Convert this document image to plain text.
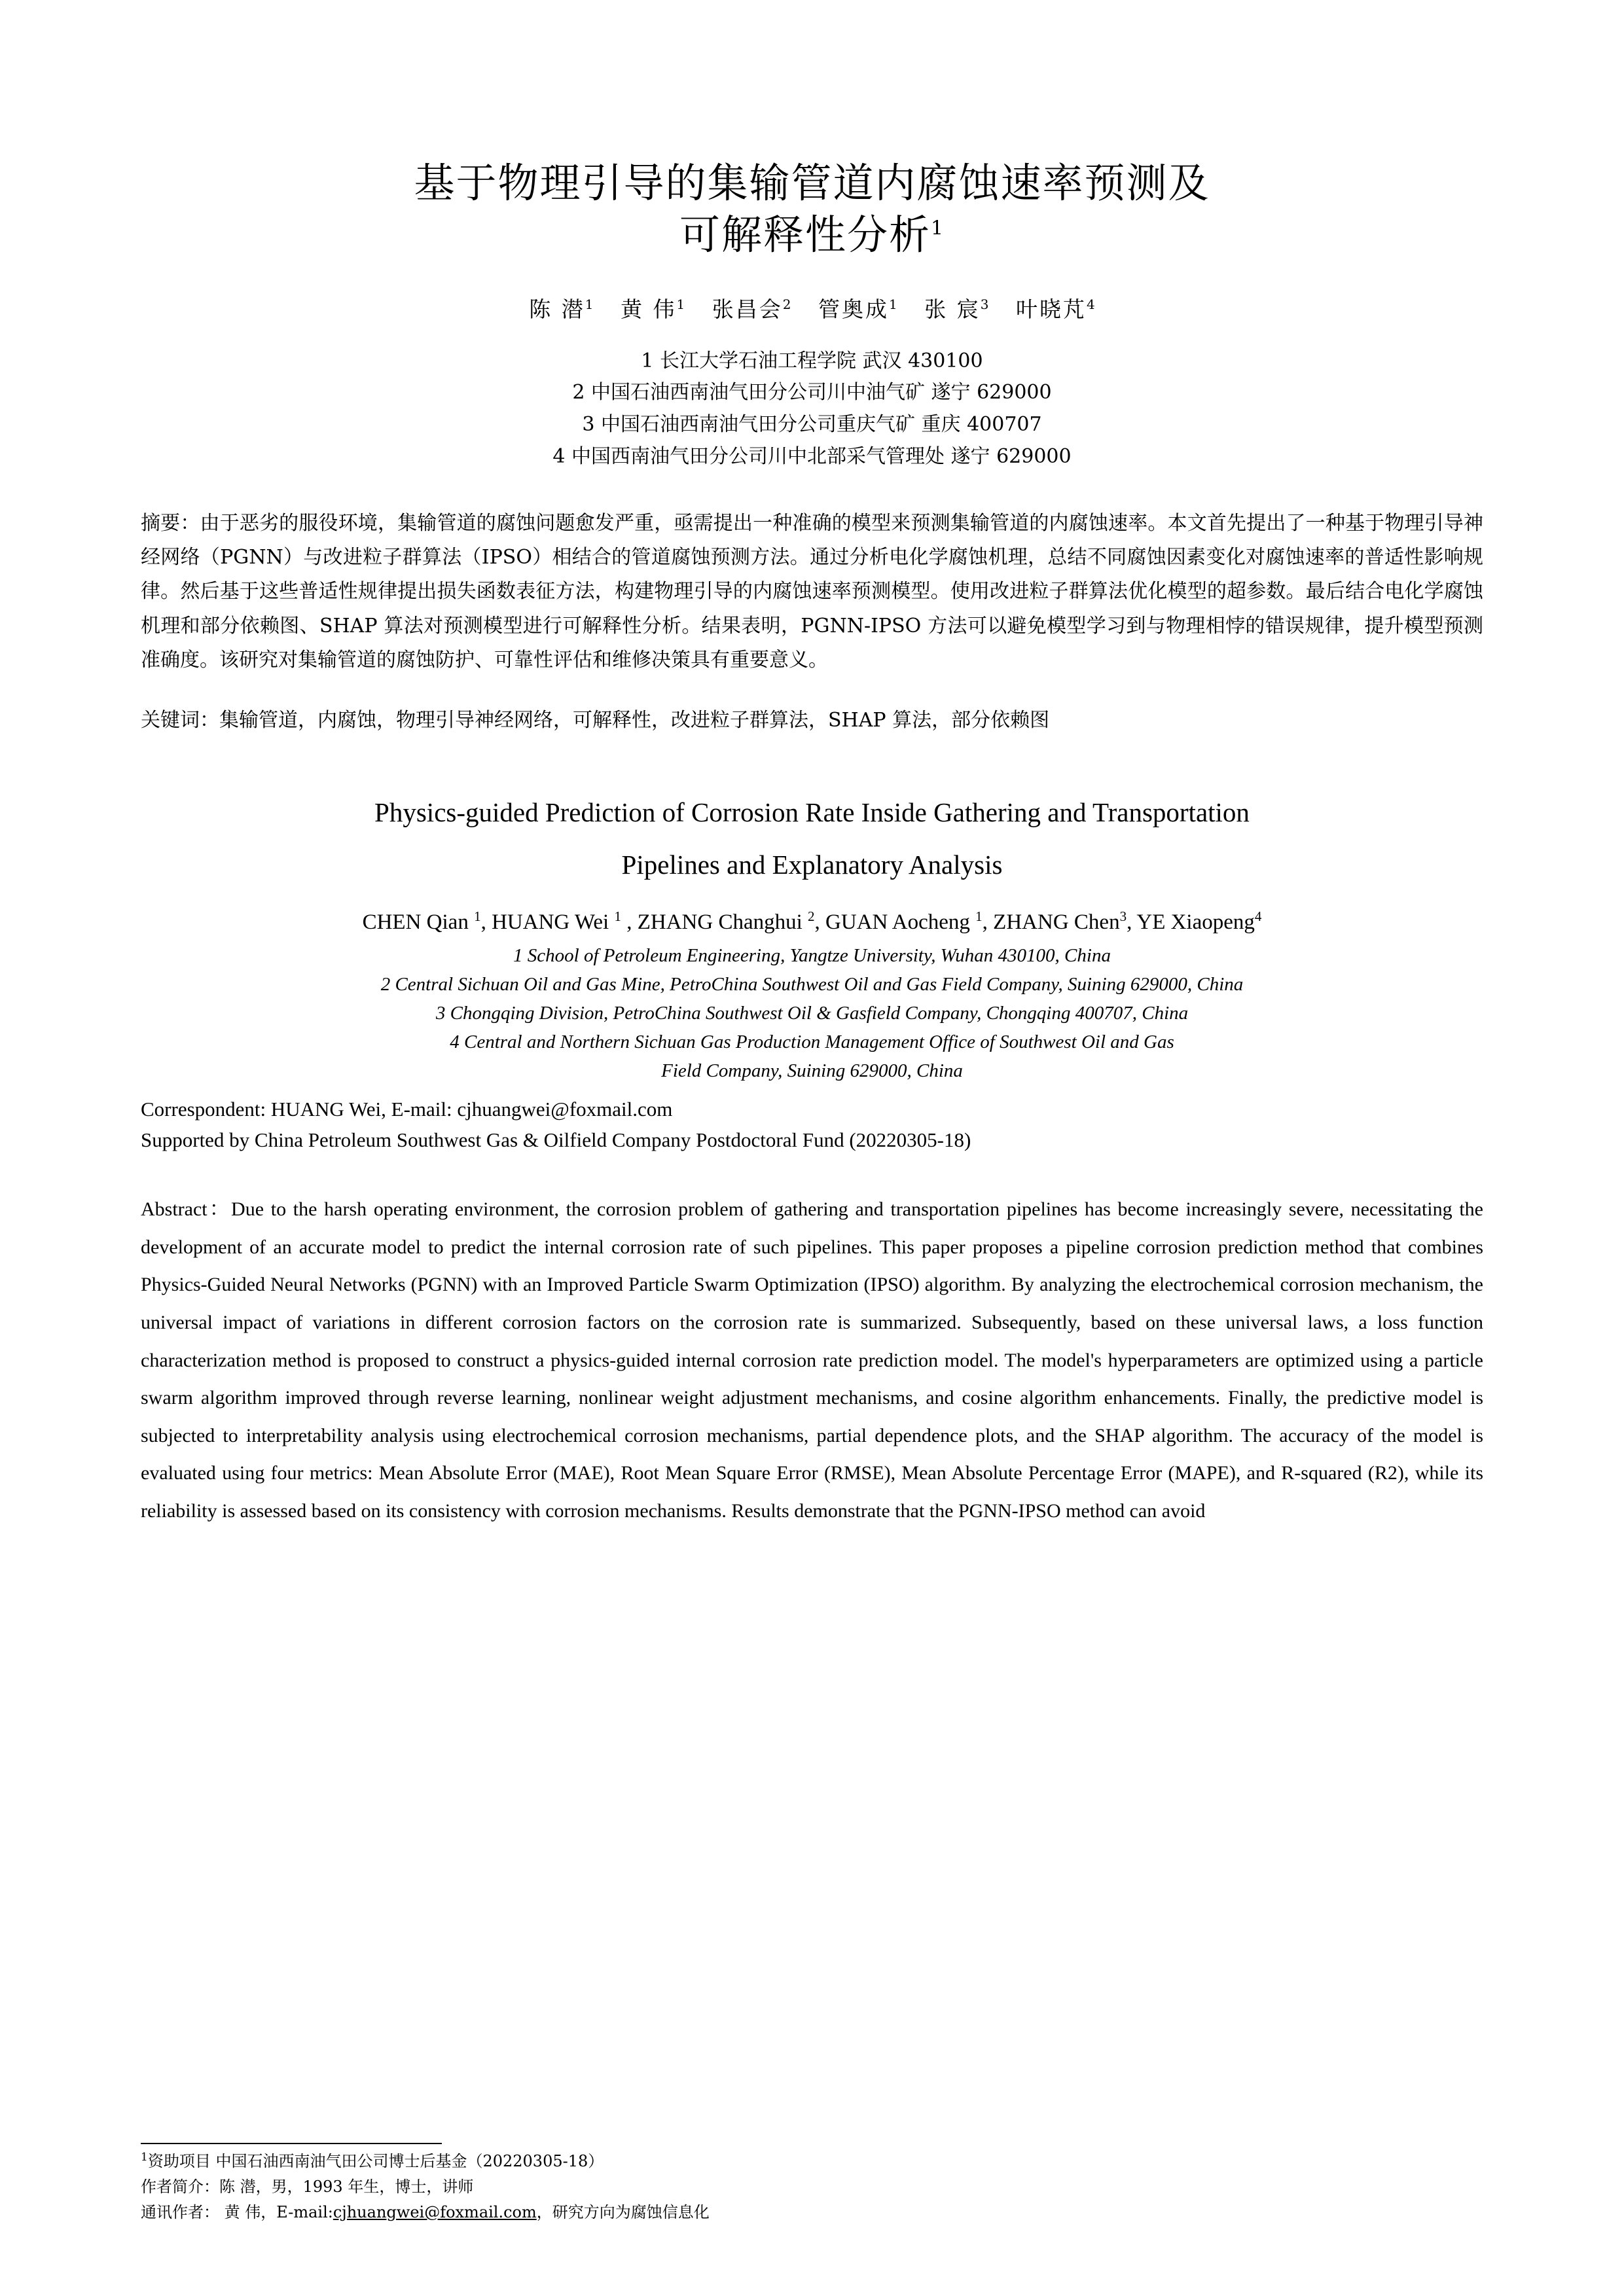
基于物理引导的集输管道内腐蚀速率预测及
可解释性分析$^1$
陈 潜$^1$ 黄 伟$^1$ 张昌会$^2$ 管奥成$^1$ 张 宸$^3$ 叶晓芃$^4$
1 长江大学石油工程学院 武汉 430100
2 中国石油西南油气田分公司川中油气矿 遂宁 629000
3 中国石油西南油气田分公司重庆气矿 重庆 400707
4 中国西南油气田分公司川中北部采气管理处 遂宁 629000

摘要：由于恶劣的服役环境，集输管道的腐蚀问题愈发严重，亟需提出一种准确的模型来预测集输管道的内腐蚀速率。本文首先提出了一种基于物理引导神经网络（PGNN）与改进粒子群算法（IPSO）相结合的管道腐蚀预测方法。通过分析电化学腐蚀机理，总结不同腐蚀因素变化对腐蚀速率的普适性影响规律。然后基于这些普适性规律提出损失函数表征方法，构建物理引导的内腐蚀速率预测模型。使用改进粒子群算法优化模型的超参数。最后结合电化学腐蚀机理和部分依赖图、SHAP 算法对预测模型进行可解释性分析。结果表明，PGNN-IPSO 方法可以避免模型学习到与物理相悖的错误规律，提升模型预测准确度。该研究对集输管道的腐蚀防护、可靠性评估和维修决策具有重要意义。

关键词：集输管道，内腐蚀，物理引导神经网络，可解释性，改进粒子群算法，SHAP 算法，部分依赖图

Physics-guided Prediction of Corrosion Rate Inside Gathering and Transportation
Pipelines and Explanatory Analysis
CHEN Qian $^1$, HUANG Wei $^1$ , ZHANG Changhui $^2$, GUAN Aocheng $^1$, ZHANG Chen$^3$, YE Xiaopeng$^4$
1 School of Petroleum Engineering, Yangtze University, Wuhan 430100, China
2 Central Sichuan Oil and Gas Mine, PetroChina Southwest Oil and Gas Field Company, Suining 629000, China
3 Chongqing Division, PetroChina Southwest Oil & Gasfield Company, Chongqing 400707, China
4 Central and Northern Sichuan Gas Production Management Office of Southwest Oil and Gas
Field Company, Suining 629000, China
Correspondent: HUANG Wei, E-mail: cjhuangwei@foxmail.com
Supported by China Petroleum Southwest Gas & Oilfield Company Postdoctoral Fund (20220305-18)

Abstract：Due to the harsh operating environment, the corrosion problem of gathering and transportation pipelines has become increasingly severe, necessitating the development of an accurate model to predict the internal corrosion rate of such pipelines. This paper proposes a pipeline corrosion prediction method that combines Physics-Guided Neural Networks (PGNN) with an Improved Particle Swarm Optimization (IPSO) algorithm. By analyzing the electrochemical corrosion mechanism, the universal impact of variations in different corrosion factors on the corrosion rate is summarized. Subsequently, based on these universal laws, a loss function characterization method is proposed to construct a physics-guided internal corrosion rate prediction model. The model's hyperparameters are optimized using a particle swarm algorithm improved through reverse learning, nonlinear weight adjustment mechanisms, and cosine algorithm enhancements. Finally, the predictive model is subjected to interpretability analysis using electrochemical corrosion mechanisms, partial dependence plots, and the SHAP algorithm. The accuracy of the model is evaluated using four metrics: Mean Absolute Error (MAE), Root Mean Square Error (RMSE), Mean Absolute Percentage Error (MAPE), and R-squared (R2), while its reliability is assessed based on its consistency with corrosion mechanisms. Results demonstrate that the PGNN-IPSO method can avoid

$^1$资助项目 中国石油西南油气田公司博士后基金（20220305-18）
作者简介：陈 潜，男，1993 年生，博士，讲师
通讯作者： 黄 伟，E-mail:cjhuangwei@foxmail.com，研究方向为腐蚀信息化
